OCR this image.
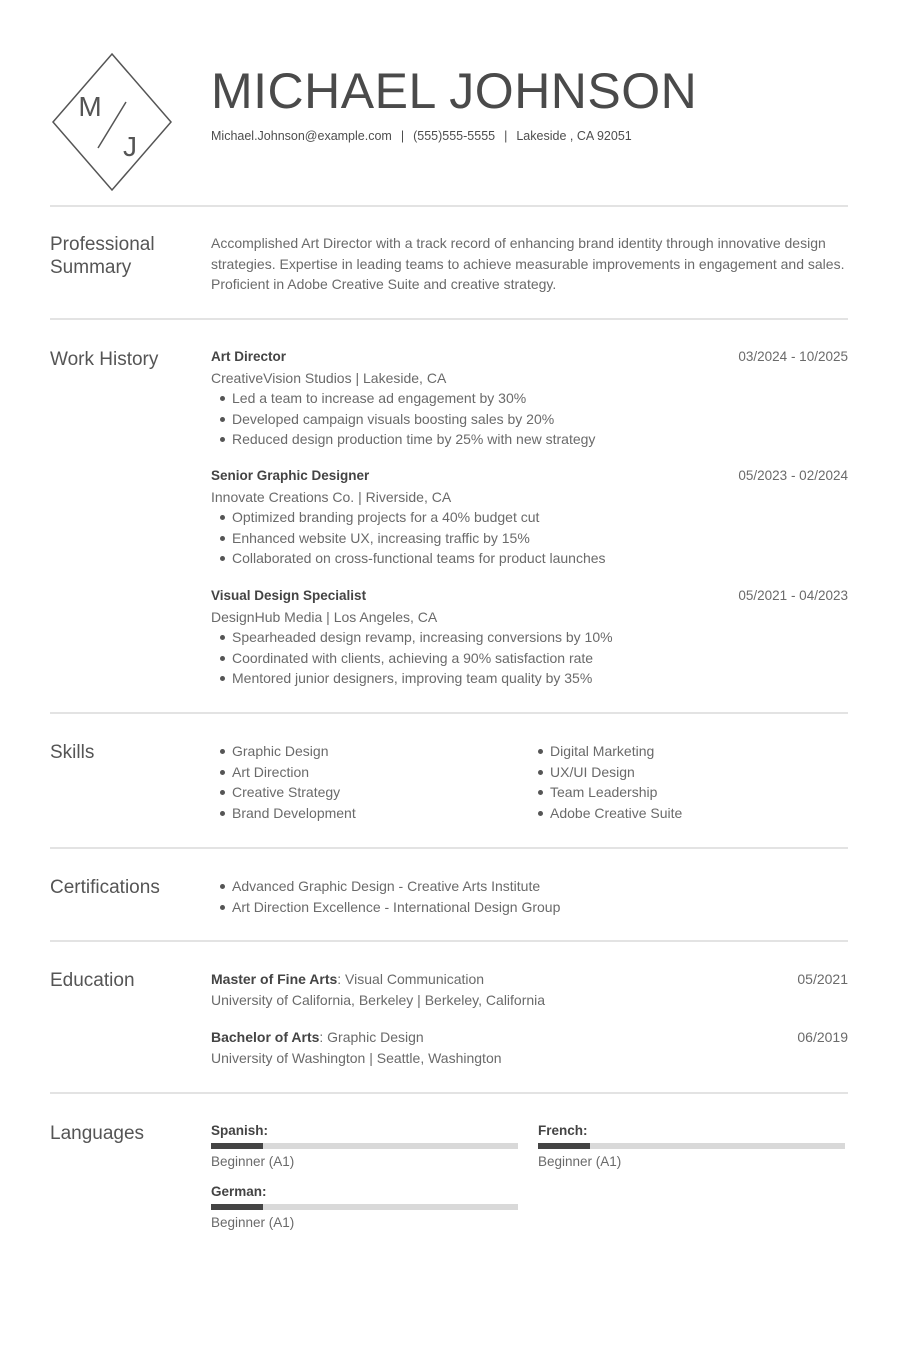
M
J
MICHAEL JOHNSON
Michael.Johnson@example.com | (555)555-5555 | Lakeside , CA 92051
Professional Summary
Accomplished Art Director with a track record of enhancing brand identity through innovative design strategies. Expertise in leading teams to achieve measurable improvements in engagement and sales. Proficient in Adobe Creative Suite and creative strategy.
Work History	Art Director	03/2024 - 10/2025
CreativeVision Studios | Lakeside, CA
Led a team to increase ad engagement by 30%
Developed campaign visuals boosting sales by 20%
Reduced design production time by 25% with new strategy
Senior Graphic Designer	05/2023 - 02/2024
Innovate Creations Co. | Riverside, CA
Optimized branding projects for a 40% budget cut
Enhanced website UX, increasing traffic by 15%
Collaborated on cross-functional teams for product launches
Visual Design Specialist	05/2021 - 04/2023
DesignHub Media | Los Angeles, CA
Spearheaded design revamp, increasing conversions by 10%
Coordinated with clients, achieving a 90% satisfaction rate
Mentored junior designers, improving team quality by 35%
Skills	Graphic Design
Art Direction
Creative Strategy
Brand Development
Digital Marketing
UX/UI Design
Team Leadership
Adobe Creative Suite
Certifications	Advanced Graphic Design - Creative Arts Institute
Art Direction Excellence - International Design Group
Education	Master of Fine Arts: Visual Communication	05/2021
University of California, Berkeley | Berkeley, California
Bachelor of Arts: Graphic Design	06/2019
University of Washington | Seattle, Washington
Languages	Spanish:
Beginner (A1)
French:
Beginner (A1)
German:
Beginner (A1)
